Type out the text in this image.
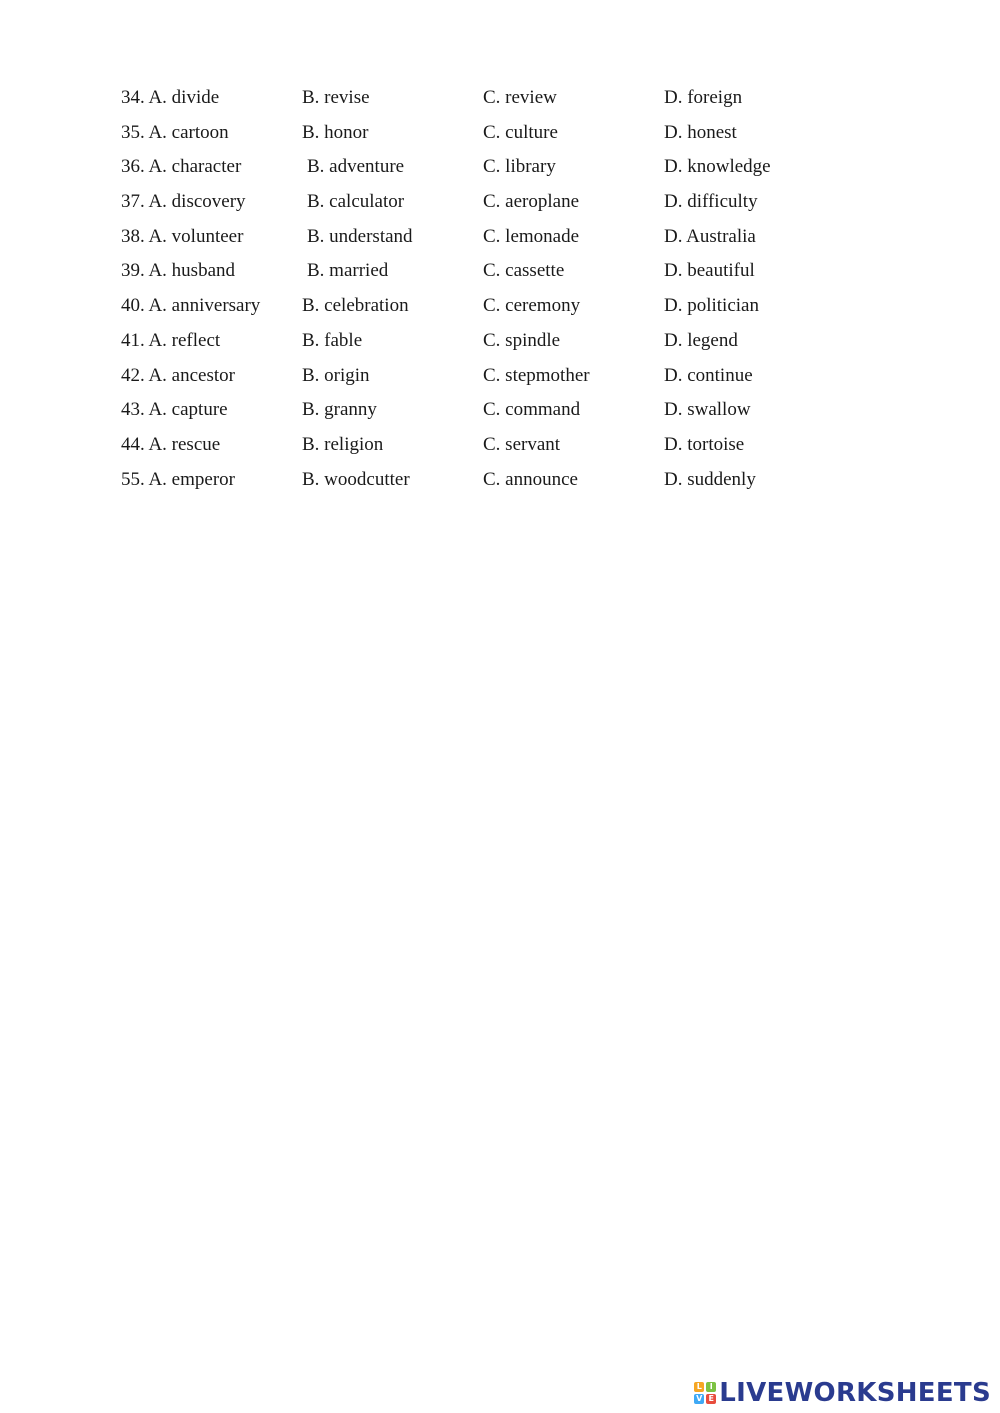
34. A. divide	B. revise	C. review	D. foreign
35. A. cartoon	B. honor	C. culture	D. honest
36. A. character	B. adventure	C. library	D. knowledge
37. A. discovery	B. calculator	C. aeroplane	D. difficulty
38. A. volunteer	B. understand	C. lemonade	D. Australia
39. A. husband	B. married	C. cassette	D. beautiful
40. A. anniversary B. celebration	C. ceremony	D. politician
41. A. reflect	B. fable	C. spindle	D. legend
42. A. ancestor	B. origin	C. stepmother	D. continue
43. A. capture	B. granny	C. command	D. swallow
44. A. rescue	B. religion	C. servant	D. tortoise
55. A. emperor	B. woodcutter	C. announce	D. suddenly
L I
V E LIVEWORKSHEETS
